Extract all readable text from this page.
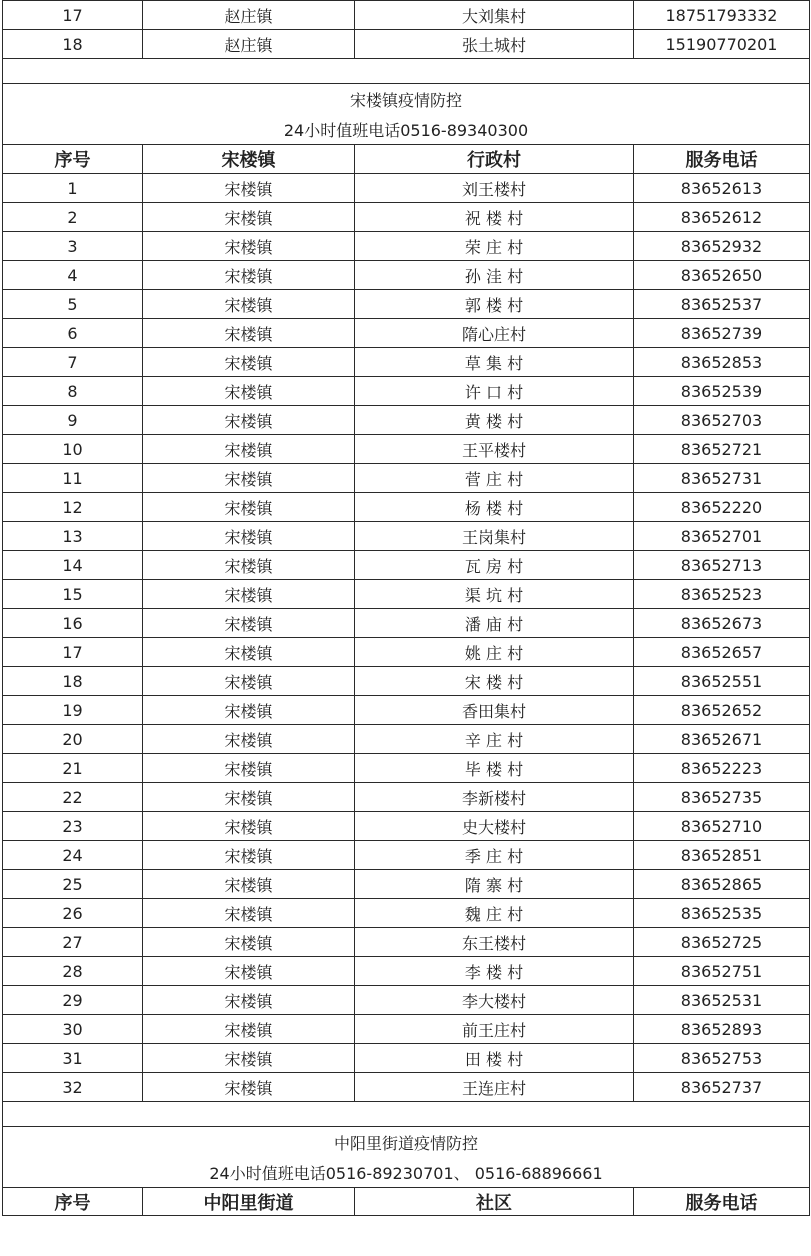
17	赵庄镇	大刘集村	18751793332
18	赵庄镇	张土城村	15190770201

宋楼镇疫情防控			
24小时值班电话0516-89340300			
序号	宋楼镇	行政村	服务电话
1	宋楼镇	刘王楼村	83652613
2	宋楼镇	祝 楼 村	83652612
3	宋楼镇	荣 庄 村	83652932
4	宋楼镇	孙 洼 村	83652650
5	宋楼镇	郭 楼 村	83652537
6	宋楼镇	隋心庄村	83652739
7	宋楼镇	草 集 村	83652853
8	宋楼镇	许 口 村	83652539
9	宋楼镇	黄 楼 村	83652703
10	宋楼镇	王平楼村	83652721
11	宋楼镇	菅 庄 村	83652731
12	宋楼镇	杨 楼 村	83652220
13	宋楼镇	王岗集村	83652701
14	宋楼镇	瓦 房 村	83652713
15	宋楼镇	渠 坑 村	83652523
16	宋楼镇	潘 庙 村	83652673
17	宋楼镇	姚 庄 村	83652657
18	宋楼镇	宋 楼 村	83652551
19	宋楼镇	香田集村	83652652
20	宋楼镇	辛 庄 村	83652671
21	宋楼镇	毕 楼 村	83652223
22	宋楼镇	李新楼村	83652735
23	宋楼镇	史大楼村	83652710
24	宋楼镇	季 庄 村	83652851
25	宋楼镇	隋 寨 村	83652865
26	宋楼镇	魏 庄 村	83652535
27	宋楼镇	东王楼村	83652725
28	宋楼镇	李 楼 村	83652751
29	宋楼镇	李大楼村	83652531
30	宋楼镇	前王庄村	83652893
31	宋楼镇	田 楼 村	83652753
32	宋楼镇	王连庄村	83652737

中阳里街道疫情防控			
24小时值班电话0516-89230701、 0516-68896661			
序号	中阳里街道	社区	服务电话
